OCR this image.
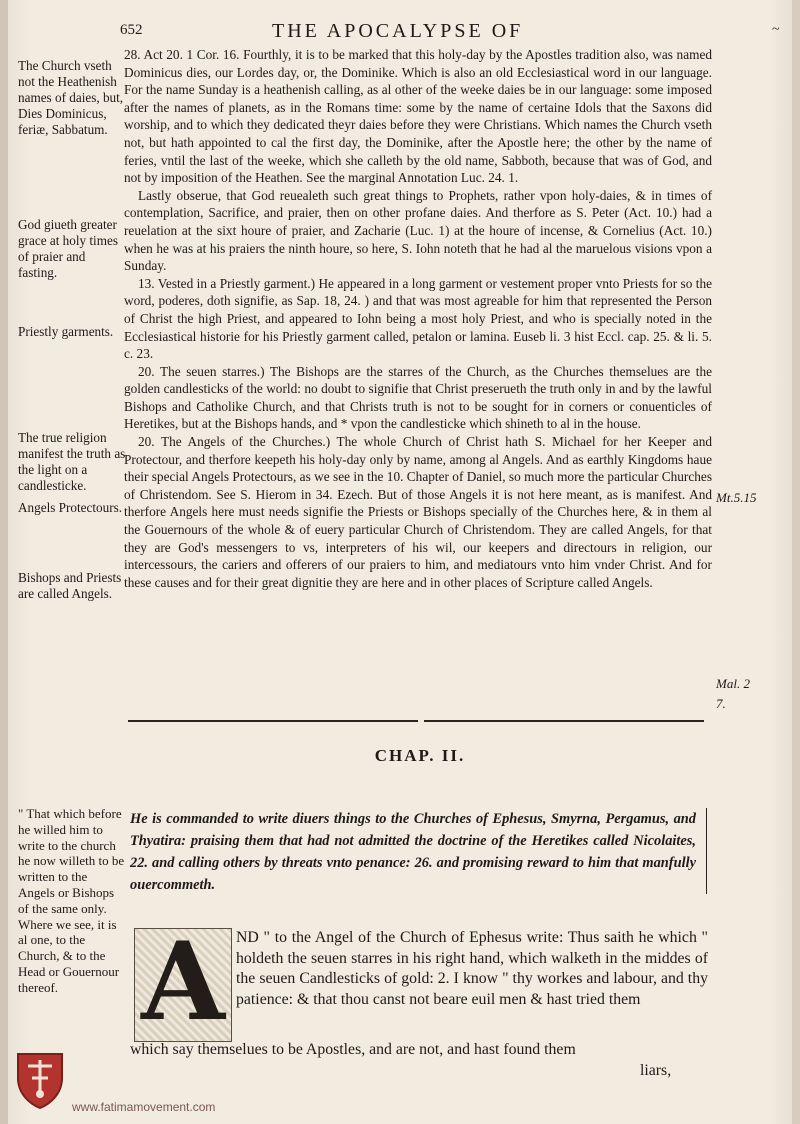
652	THE APOCALYPSE OF	~
The Church vseth not the Heathenish names of daies, but, Dies Dominicus, feriæ, Sabbatum.
God giueth greater grace at holy times of praier and fasting.
Priestly garments.
The true religion manifest the truth as the light on a candlesticke.
Angels Protectours.
Bishops and Priests are called Angels.
Mt.5.15
Mal. 2
7.

28. Act 20. 1 Cor. 16. Fourthly, it is to be marked that this holy-day by the Apostles tradition also, was named Dominicus dies, our Lordes day, or, the Dominike. Which is also an old Ecclesiastical word in our language. For the name Sunday is a heathenish calling, as al other of the weeke daies be in our language: some imposed after the names of planets, as in the Romans time: some by the name of certaine Idols that the Saxons did worship, and to which they dedicated theyr daies before they were Christians. Which names the Church vseth not, but hath appointed to cal the first day, the Dominike, after the Apostle here; the other by the name of feries, vntil the last of the weeke, which she calleth by the old name, Sabboth, because that was of God, and not by imposition of the Heathen. See the marginal Annotation Luc. 24. 1.

Lastly obserue, that God reuealeth such great things to Prophets, rather vpon holy-daies, & in times of contemplation, Sacrifice, and praier, then on other profane daies. And therfore as S. Peter (Act. 10.) had a reuelation at the sixt houre of praier, and Zacharie (Luc. 1) at the houre of incense, & Cornelius (Act. 10.) when he was at his praiers the ninth houre, so here, S. Iohn noteth that he had al the maruelous visions vpon a Sunday.

13. Vested in a Priestly garment.) He appeared in a long garment or vestement proper vnto Priests for so the word, poderes, doth signifie, as Sap. 18, 24. ) and that was most agreable for him that represented the Person of Christ the high Priest, and appeared to Iohn being a most holy Priest, and who is specially noted in the Ecclesiastical historie for his Priestly garment called, petalon or lamina. Euseb li. 3 hist Eccl. cap. 25. & li. 5. c. 23.

20. The seuen starres.) The Bishops are the starres of the Church, as the Churches themselues are the golden candlesticks of the world: no doubt to signifie that Christ preserueth the truth only in and by the lawful Bishops and Catholike Church, and that Christs truth is not to be sought for in corners or conuenticles of Heretikes, but at the Bishops hands, and * vpon the candlesticke which shineth to al in the house.

20. The Angels of the Churches.) The whole Church of Christ hath S. Michael for her Keeper and Protectour, and therfore keepeth his holy-day only by name, among al Angels. And as earthly Kingdoms haue their special Angels Protectours, as we see in the 10. Chapter of Daniel, so much more the particular Churches of Christendom. See S. Hierom in 34. Ezech. But of those Angels it is not here meant, as is manifest. And therfore Angels here must needs signifie the Priests or Bishops specially of the Churches here, & in them al the Gouernours of the whole & of euery particular Church of Christendom. They are called Angels, for that they are God's messengers to vs, interpreters of his wil, our keepers and directours in religion, our intercessours, the cariers and offerers of our praiers to him, and mediatours vnto him vnder Christ. And for these causes and for their great dignitie they are here and in other places of Scripture called Angels.

CHAP. II.
" That which before he willed him to write to the church he now willeth to be written to the Angels or Bishops of the same only. Where we see, it is al one, to the Church, & to the Head or Gouernour thereof.
He is commanded to write diuers things to the Churches of Ephesus, Smyrna, Pergamus, and Thyatira: praising them that had not admitted the doctrine of the Heretikes called Nicolaites, 22. and calling others by threats vnto penance: 26. and promising reward to him that manfully ouercommeth.
A ND " to the Angel of the Church of Ephesus write: Thus saith he which " holdeth the seuen starres in his right hand, which walketh in the middes of the seuen Candlesticks of gold: 2. I know " thy workes and labour, and thy patience: & that thou canst not beare euil men & hast tried them
which say themselues to be Apostles, and are not, and hast found them
liars,
www.fatimamovement.com
